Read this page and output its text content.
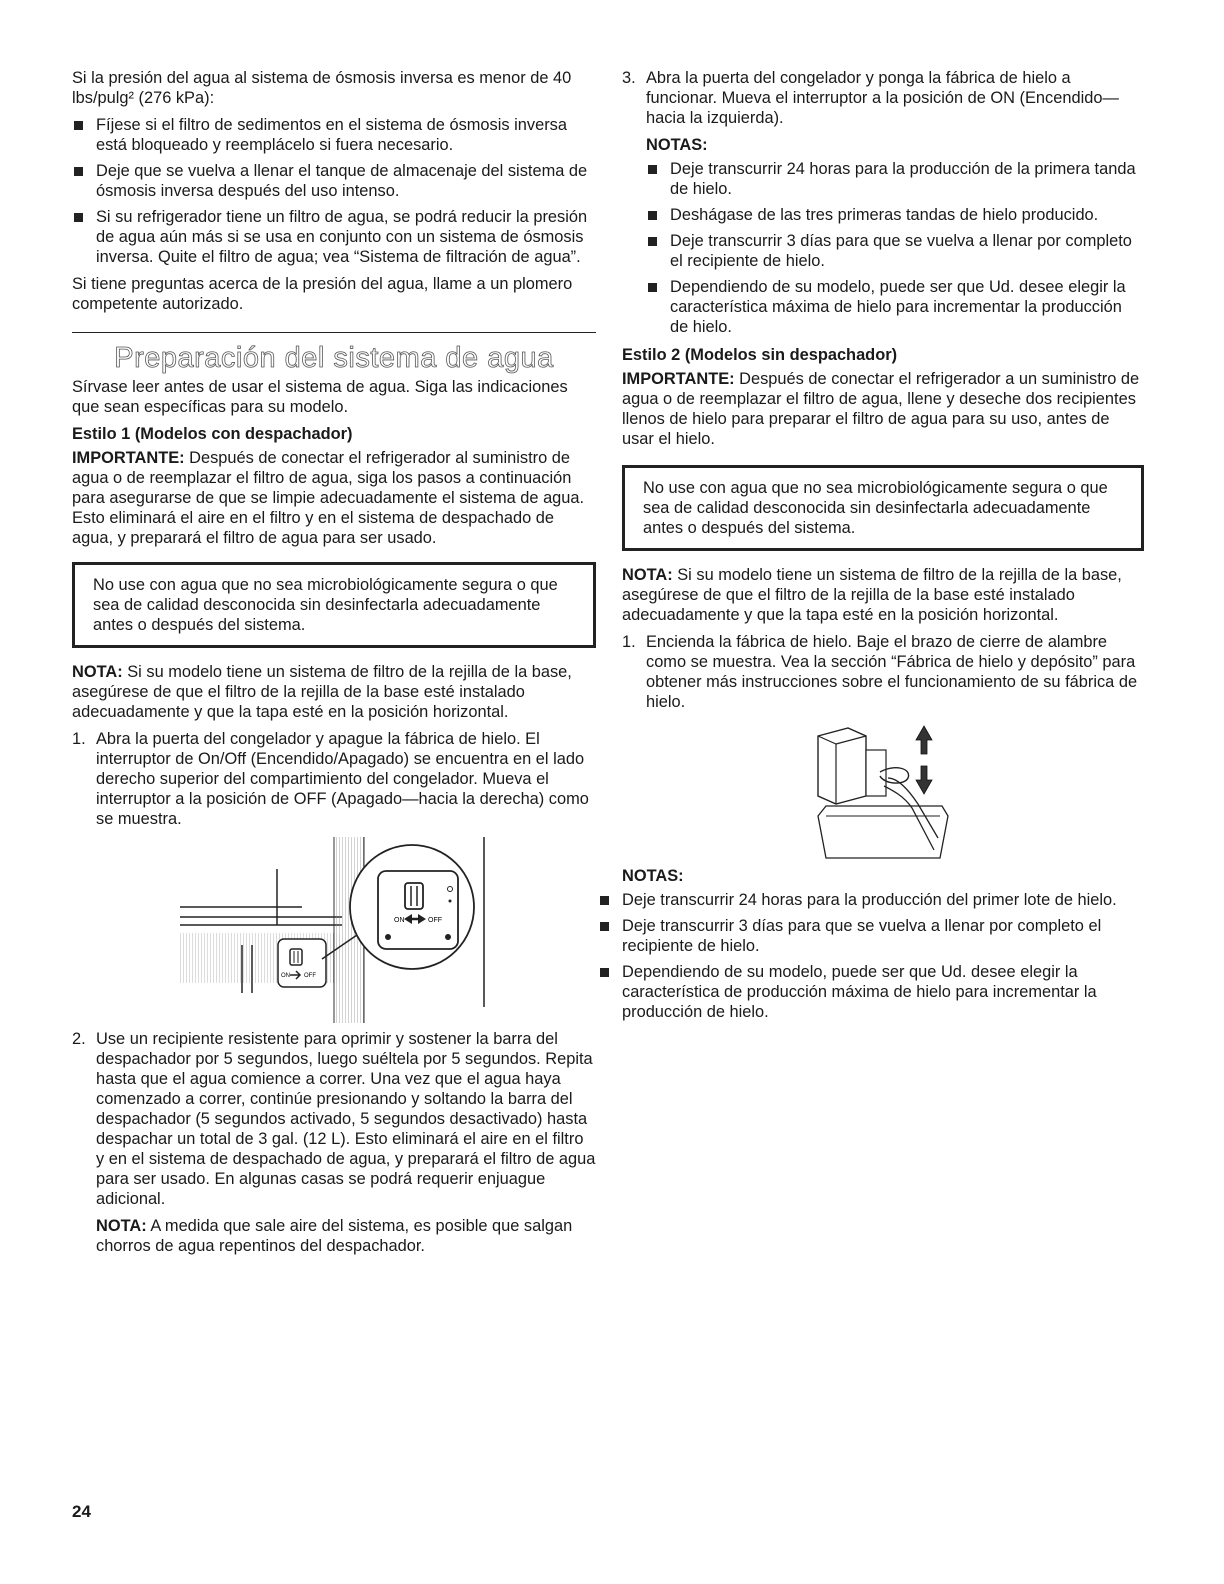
Si la presión del agua al sistema de ósmosis inversa es menor de 40 lbs/pulg² (276 kPa):

Fíjese si el filtro de sedimentos en el sistema de ósmosis inversa está bloqueado y reemplácelo si fuera necesario.
Deje que se vuelva a llenar el tanque de almacenaje del sistema de ósmosis inversa después del uso intenso.
Si su refrigerador tiene un filtro de agua, se podrá reducir la presión de agua aún más si se usa en conjunto con un sistema de ósmosis inversa. Quite el filtro de agua; vea “Sistema de filtración de agua”.

Si tiene preguntas acerca de la presión del agua, llame a un plomero competente autorizado.

Preparación del sistema de agua

Sírvase leer antes de usar el sistema de agua. Siga las indicaciones que sean específicas para su modelo.

Estilo 1 (Modelos con despachador)

IMPORTANTE: Después de conectar el refrigerador al suministro de agua o de reemplazar el filtro de agua, siga los pasos a continuación para asegurarse de que se limpie adecuadamente el sistema de agua. Esto eliminará el aire en el filtro y en el sistema de despachado de agua, y preparará el filtro de agua para ser usado.

No use con agua que no sea microbiológicamente segura o que sea de calidad desconocida sin desinfectarla adecuadamente antes o después del sistema.

NOTA: Si su modelo tiene un sistema de filtro de la rejilla de la base, asegúrese de que el filtro de la rejilla de la base esté instalado adecuadamente y que la tapa esté en la posición horizontal.

1. Abra la puerta del congelador y apague la fábrica de hielo. El interruptor de On/Off (Encendido/Apagado) se encuentra en el lado derecho superior del compartimiento del congelador. Mueva el interruptor a la posición de OFF (Apagado—hacia la derecha) como se muestra.
ON OFF
ON	OFF
2. Use un recipiente resistente para oprimir y sostener la barra del despachador por 5 segundos, luego suéltela por 5 segundos. Repita hasta que el agua comience a correr. Una vez que el agua haya comenzado a correr, continúe presionando y soltando la barra del despachador (5 segundos activado, 5 segundos desactivado) hasta despachar un total de 3 gal. (12 L). Esto eliminará el aire en el filtro y en el sistema de despachado de agua, y preparará el filtro de agua para ser usado. En algunas casas se podrá requerir enjuague adicional.

NOTA: A medida que sale aire del sistema, es posible que salgan chorros de agua repentinos del despachador.

3. Abra la puerta del congelador y ponga la fábrica de hielo a funcionar. Mueva el interruptor a la posición de ON (Encendido—hacia la izquierda).

NOTAS:
Deje transcurrir 24 horas para la producción de la primera tanda de hielo.
Deshágase de las tres primeras tandas de hielo producido.
Deje transcurrir 3 días para que se vuelva a llenar por completo el recipiente de hielo.
Dependiendo de su modelo, puede ser que Ud. desee elegir la característica máxima de hielo para incrementar la producción de hielo.
Estilo 2 (Modelos sin despachador)

IMPORTANTE: Después de conectar el refrigerador a un suministro de agua o de reemplazar el filtro de agua, llene y deseche dos recipientes llenos de hielo para preparar el filtro de agua para su uso, antes de usar el hielo.

No use con agua que no sea microbiológicamente segura o que sea de calidad desconocida sin desinfectarla adecuadamente antes o después del sistema.

NOTA: Si su modelo tiene un sistema de filtro de la rejilla de la base, asegúrese de que el filtro de la rejilla de la base esté instalado adecuadamente y que la tapa esté en la posición horizontal.

1. Encienda la fábrica de hielo. Baje el brazo de cierre de alambre como se muestra. Vea la sección “Fábrica de hielo y depósito” para obtener más instrucciones sobre el funcionamiento de su fábrica de hielo.
NOTAS:
Deje transcurrir 24 horas para la producción del primer lote de hielo.
Deje transcurrir 3 días para que se vuelva a llenar por completo el recipiente de hielo.
Dependiendo de su modelo, puede ser que Ud. desee elegir la característica de producción máxima de hielo para incrementar la producción de hielo.
24
